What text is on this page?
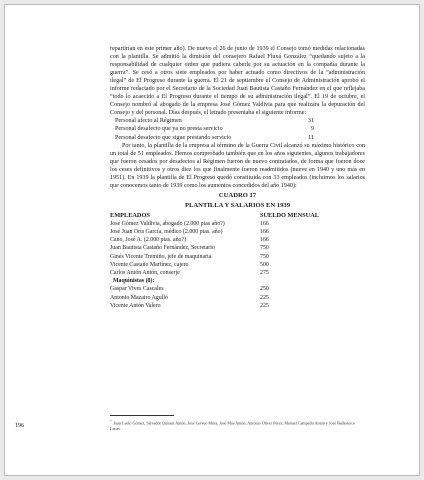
repartirían en este primer año). De nuevo el 26 de junio de 1939 el Consejo tomó medidas relacionadas con la plantilla. Se admitió la dimisión del consejero Rafael Fluxá González “quedando sujeto a la responsabilidad de cualquier orden que pudiera caberle por su actuación en la compañía durante la guerra”. Se cesó a otros siete empleados por haber actuado como directivos de la “administración ilegal” de El Progreso durante la guerra. El 21 de septiembre el Consejo de Administración aprobó el informe redactado por el Secretario de la Sociedad Juan Bautista Castaño Fernández en el que reflejaba “todo lo acaecido a El Progreso durante el tiempo de su administración ilegal”. El 19 de octubre, el Consejo nombró al abogado de la empresa José Gómez Valdivia para que realizara la depuración del Consejo y del personal. Días después, el letrado presentaba el siguiente informe:

Personal afecto al Régimen	31
Personal desafecto que ya no presta servicio	9
Personal desafecto que sigue prestando servicio	11

Por tanto, la plantilla de la empresa al término de la Guerra Civil alcanzó su máximo histórico con un total de 51 empleados. Hemos comprobado también que en los años siguientes, algunos trabajadores que fueron cesados por desafectos al Régimen fueron de nuevo contratados, de forma que fueron doce los ceses definitivos y otros diez los que finalmente fueron readmitidos (nueve en 1940 y uno más en 1951). En 1939 la plantilla de El Progreso quedó constituida con 33 empleados (incluimos los salarios que conocemos tanto de 1939 como los aumentos concedidos del año 1940):

CUADRO 17
PLANTILLA Y SALARIOS EN 1939
EMPLEADOS	SUELDO MENSUAL
José Gómez Valdivia, abogado (2.000 ptas año?)	166
José Juan Orts García, médico (2.000 ptas. año)	166
Cano, José A. (2.000 ptas. año?)	166
Juan Bautista Castaño Fernández, Secretario	750
Ginés Vicente Tremiño, jefe de maquinaria	750
Vicente Castaño Martínez, cajero	500
Carlos Antón Antón, conserje	275
Maquinistas (8):
Gaspar Vives Cascales	250
Antonio Mazairo Agulló	225
Vicente Antón Valero	225
* Juan Leelo Gómez, Salvador Quirant Antón, José Cerveo Mora, José Mas Antón, Antonio Oliver Pérez, Manuel Campello Antón y José Ballesteros Lucas.
196
